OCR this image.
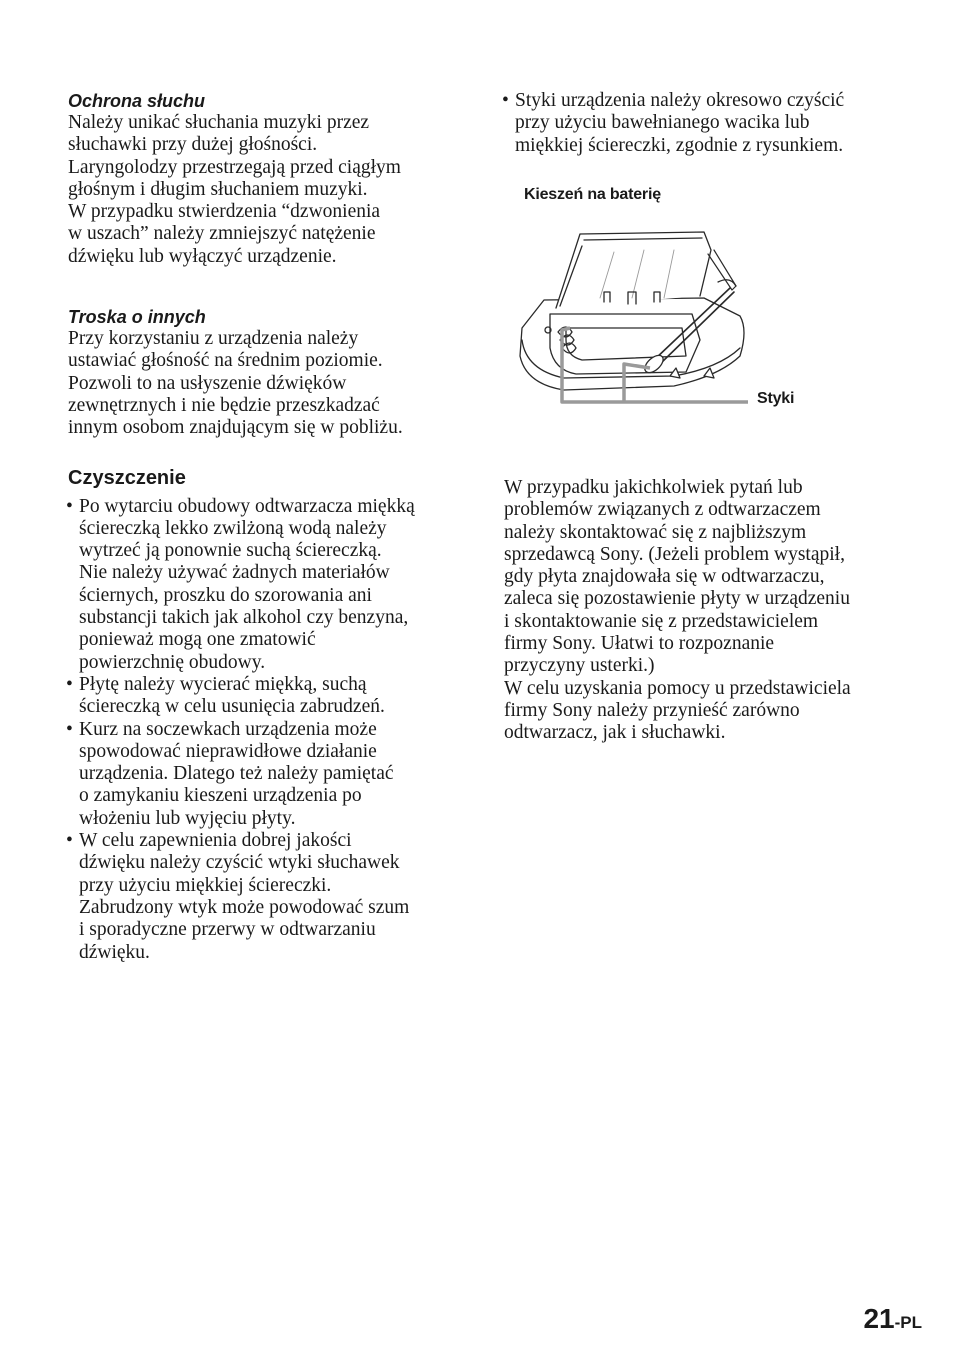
Ochrona słuchu

Należy unikać słuchania muzyki przez
słuchawki przy dużej głośności.
Laryngolodzy przestrzegają przed ciągłym
głośnym i długim słuchaniem muzyki.
W przypadku stwierdzenia “dzwonienia
w uszach” należy zmniejszyć natężenie
dźwięku lub wyłączyć urządzenie.

Troska o innych

Przy korzystaniu z urządzenia należy
ustawiać głośność na średnim poziomie.
Pozwoli to na usłyszenie dźwięków
zewnętrznych i nie będzie przeszkadzać
innym osobom znajdującym się w pobliżu.

Czyszczenie
• Po wytarciu obudowy odtwarzacza miękką
ściereczką lekko zwilżoną wodą należy
wytrzeć ją ponownie suchą ściereczką.
Nie należy używać żadnych materiałów
ściernych, proszku do szorowania ani
substancji takich jak alkohol czy benzyna,
ponieważ mogą one zmatowić
powierzchnię obudowy.
• Płytę należy wycierać miękką, suchą
ściereczką w celu usunięcia zabrudzeń.
• Kurz na soczewkach urządzenia może
spowodować nieprawidłowe działanie
urządzenia. Dlatego też należy pamiętać
o zamykaniu kieszeni urządzenia po
włożeniu lub wyjęciu płyty.
• W celu zapewnienia dobrej jakości
dźwięku należy czyścić wtyki słuchawek
przy użyciu miękkiej ściereczki.
Zabrudzony wtyk może powodować szum
i sporadyczne przerwy w odtwarzaniu
dźwięku.
• Styki urządzenia należy okresowo czyścić
przy użyciu bawełnianego wacika lub
miękkiej ściereczki, zgodnie z rysunkiem.
Kieszeń na baterię
Styki

W przypadku jakichkolwiek pytań lub
problemów związanych z odtwarzaczem
należy skontaktować się z najbliższym
sprzedawcą Sony. (Jeżeli problem wystąpił,
gdy płyta znajdowała się w odtwarzaczu,
zaleca się pozostawienie płyty w urządzeniu
i skontaktowanie się z przedstawicielem
firmy Sony. Ułatwi to rozpoznanie
przyczyny usterki.)
W celu uzyskania pomocy u przedstawiciela
firmy Sony należy przynieść zarówno
odtwarzacz, jak i słuchawki.

21-PL
